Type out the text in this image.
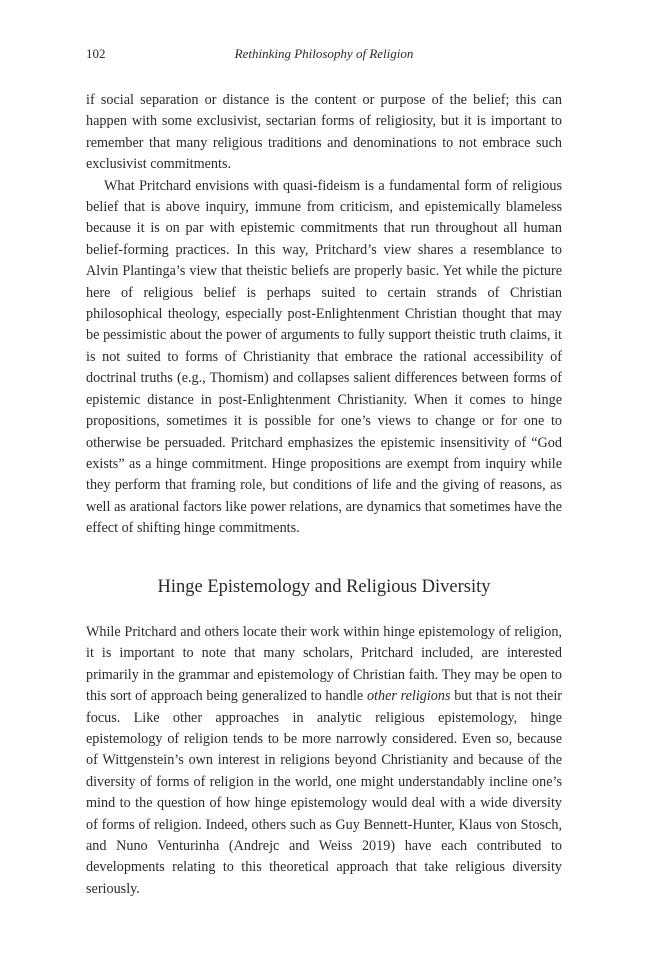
102	Rethinking Philosophy of Religion

if social separation or distance is the content or purpose of the belief; this can happen with some exclusivist, sectarian forms of religiosity, but it is important to remember that many religious traditions and denominations to not embrace such exclusivist commitments.

What Pritchard envisions with quasi-fideism is a fundamental form of religious belief that is above inquiry, immune from criticism, and epistemically blameless because it is on par with epistemic commitments that run throughout all human belief-forming practices. In this way, Pritchard’s view shares a resemblance to Alvin Plantinga’s view that theistic beliefs are properly basic. Yet while the picture here of religious belief is perhaps suited to certain strands of Christian philosophical theology, especially post-Enlightenment Christian thought that may be pessimistic about the power of arguments to fully support theistic truth claims, it is not suited to forms of Christianity that embrace the rational accessibility of doctrinal truths (e.g., Thomism) and collapses salient differences between forms of epistemic distance in post-Enlightenment Christianity. When it comes to hinge propositions, sometimes it is possible for one’s views to change or for one to otherwise be persuaded. Pritchard emphasizes the epistemic insensitivity of “God exists” as a hinge commitment. Hinge propositions are exempt from inquiry while they perform that framing role, but conditions of life and the giving of reasons, as well as arational factors like power relations, are dynamics that sometimes have the effect of shifting hinge commitments.

Hinge Epistemology and Religious Diversity

While Pritchard and others locate their work within hinge epistemology of religion, it is important to note that many scholars, Pritchard included, are interested primarily in the grammar and epistemology of Christian faith. They may be open to this sort of approach being generalized to handle other religions but that is not their focus. Like other approaches in analytic religious epistemology, hinge epistemology of religion tends to be more narrowly considered. Even so, because of Wittgenstein’s own interest in religions beyond Christianity and because of the diversity of forms of religion in the world, one might understandably incline one’s mind to the question of how hinge epistemology would deal with a wide diversity of forms of religion. Indeed, others such as Guy Bennett-Hunter, Klaus von Stosch, and Nuno Venturinha (Andrejc and Weiss 2019) have each contributed to developments relating to this theoretical approach that take religious diversity seriously.
